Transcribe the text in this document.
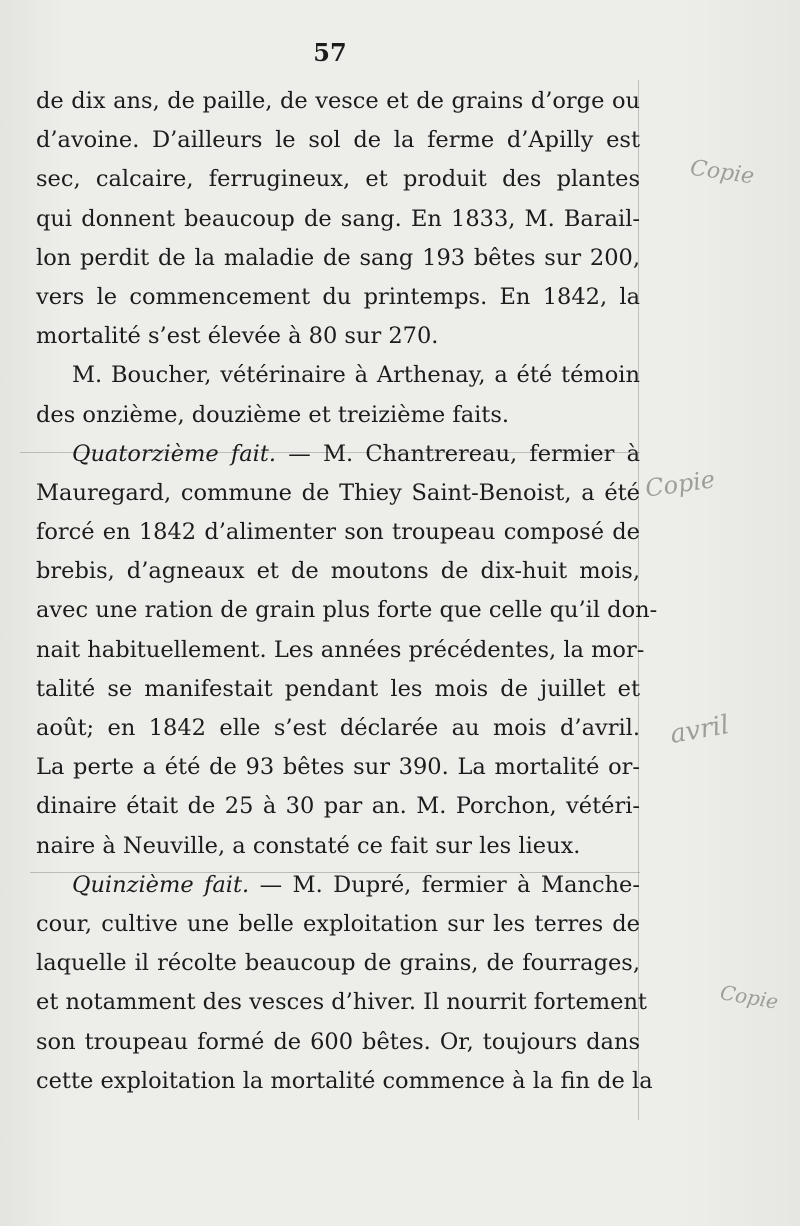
57
Copie
Copie
avril
Copie
de dix ans, de paille, de vesce et de grains d’orge ou
d’avoine. D’ailleurs le sol de la ferme d’Apilly est
sec, calcaire, ferrugineux, et produit des plantes
qui donnent beaucoup de sang. En 1833, M. Barail-
lon perdit de la maladie de sang 193 bêtes sur 200,
vers le commencement du printemps. En 1842, la
mortalité s’est élevée à 80 sur 270.
M. Boucher, vétérinaire à Arthenay, a été témoin
des onzième, douzième et treizième faits.
Quatorzième fait. — M. Chantrereau, fermier à
Mauregard, commune de Thiey Saint-Benoist, a été
forcé en 1842 d’alimenter son troupeau composé de
brebis, d’agneaux et de moutons de dix-huit mois,
avec une ration de grain plus forte que celle qu’il don-
nait habituellement. Les années précédentes, la mor-
talité se manifestait pendant les mois de juillet et
août; en 1842 elle s’est déclarée au mois d’avril.
La perte a été de 93 bêtes sur 390. La mortalité or-
dinaire était de 25 à 30 par an. M. Porchon, vétéri-
naire à Neuville, a constaté ce fait sur les lieux.
Quinzième fait. — M. Dupré, fermier à Manche-
cour, cultive une belle exploitation sur les terres de
laquelle il récolte beaucoup de grains, de fourrages,
et notamment des vesces d’hiver. Il nourrit fortement
son troupeau formé de 600 bêtes. Or, toujours dans
cette exploitation la mortalité commence à la fin de la
